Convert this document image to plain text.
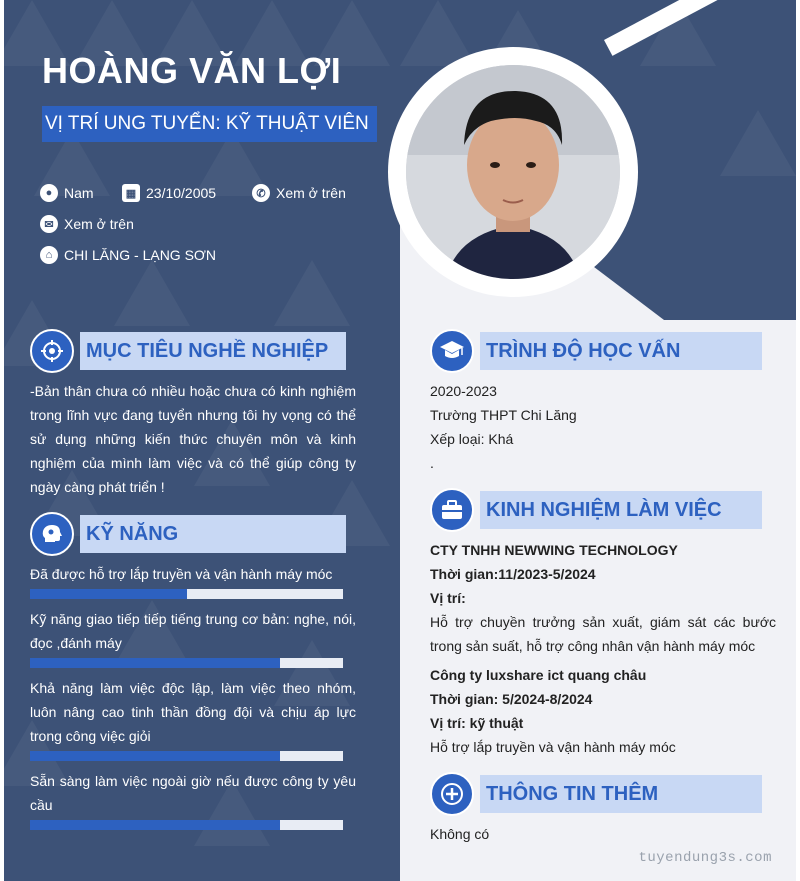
HOÀNG VĂN LỢI
VỊ TRÍ UNG TUYỂN: KỸ THUẬT VIÊN
● Nam	▦ 23/10/2005	✆ Xem ở trên
✉ Xem ở trên
⌂ CHI LĂNG - LẠNG SƠN
MỤC TIÊU NGHỀ NGHIỆP
-Bản thân chưa có nhiều hoặc chưa có kinh nghiệm trong lĩnh vực đang tuyển nhưng tôi hy vọng có thể sử dụng những kiến thức chuyên môn và kinh nghiệm của mình làm việc và có thể giúp công ty ngày càng phát triển !
KỸ NĂNG
Đã được hỗ trợ lắp truyền và vận hành máy móc
Kỹ năng giao tiếp tiếp tiếng trung cơ bản: nghe, nói, đọc ,đánh máy
Khả năng làm việc độc lập, làm việc theo nhóm, luôn nâng cao tinh thần đồng đội và chịu áp lực trong công việc giỏi
Sẵn sàng làm việc ngoài giờ nếu được công ty yêu cầu
TRÌNH ĐỘ HỌC VẤN
2020-2023
Trường THPT Chi Lăng
Xếp loại: Khá
.
KINH NGHIỆM LÀM VIỆC
CTY TNHH NEWWING TECHNOLOGY
Thời gian:11/2023-5/2024
Vị trí:
Hỗ trợ chuyền trưởng sản xuất, giám sát các bước trong sản suất, hỗ trợ công nhân vận hành máy móc
Công ty luxshare ict quang châu
Thời gian: 5/2024-8/2024
Vị trí: kỹ thuật
Hỗ trợ lắp truyền và vận hành máy móc
THÔNG TIN THÊM
Không có
tuyendung3s.com
